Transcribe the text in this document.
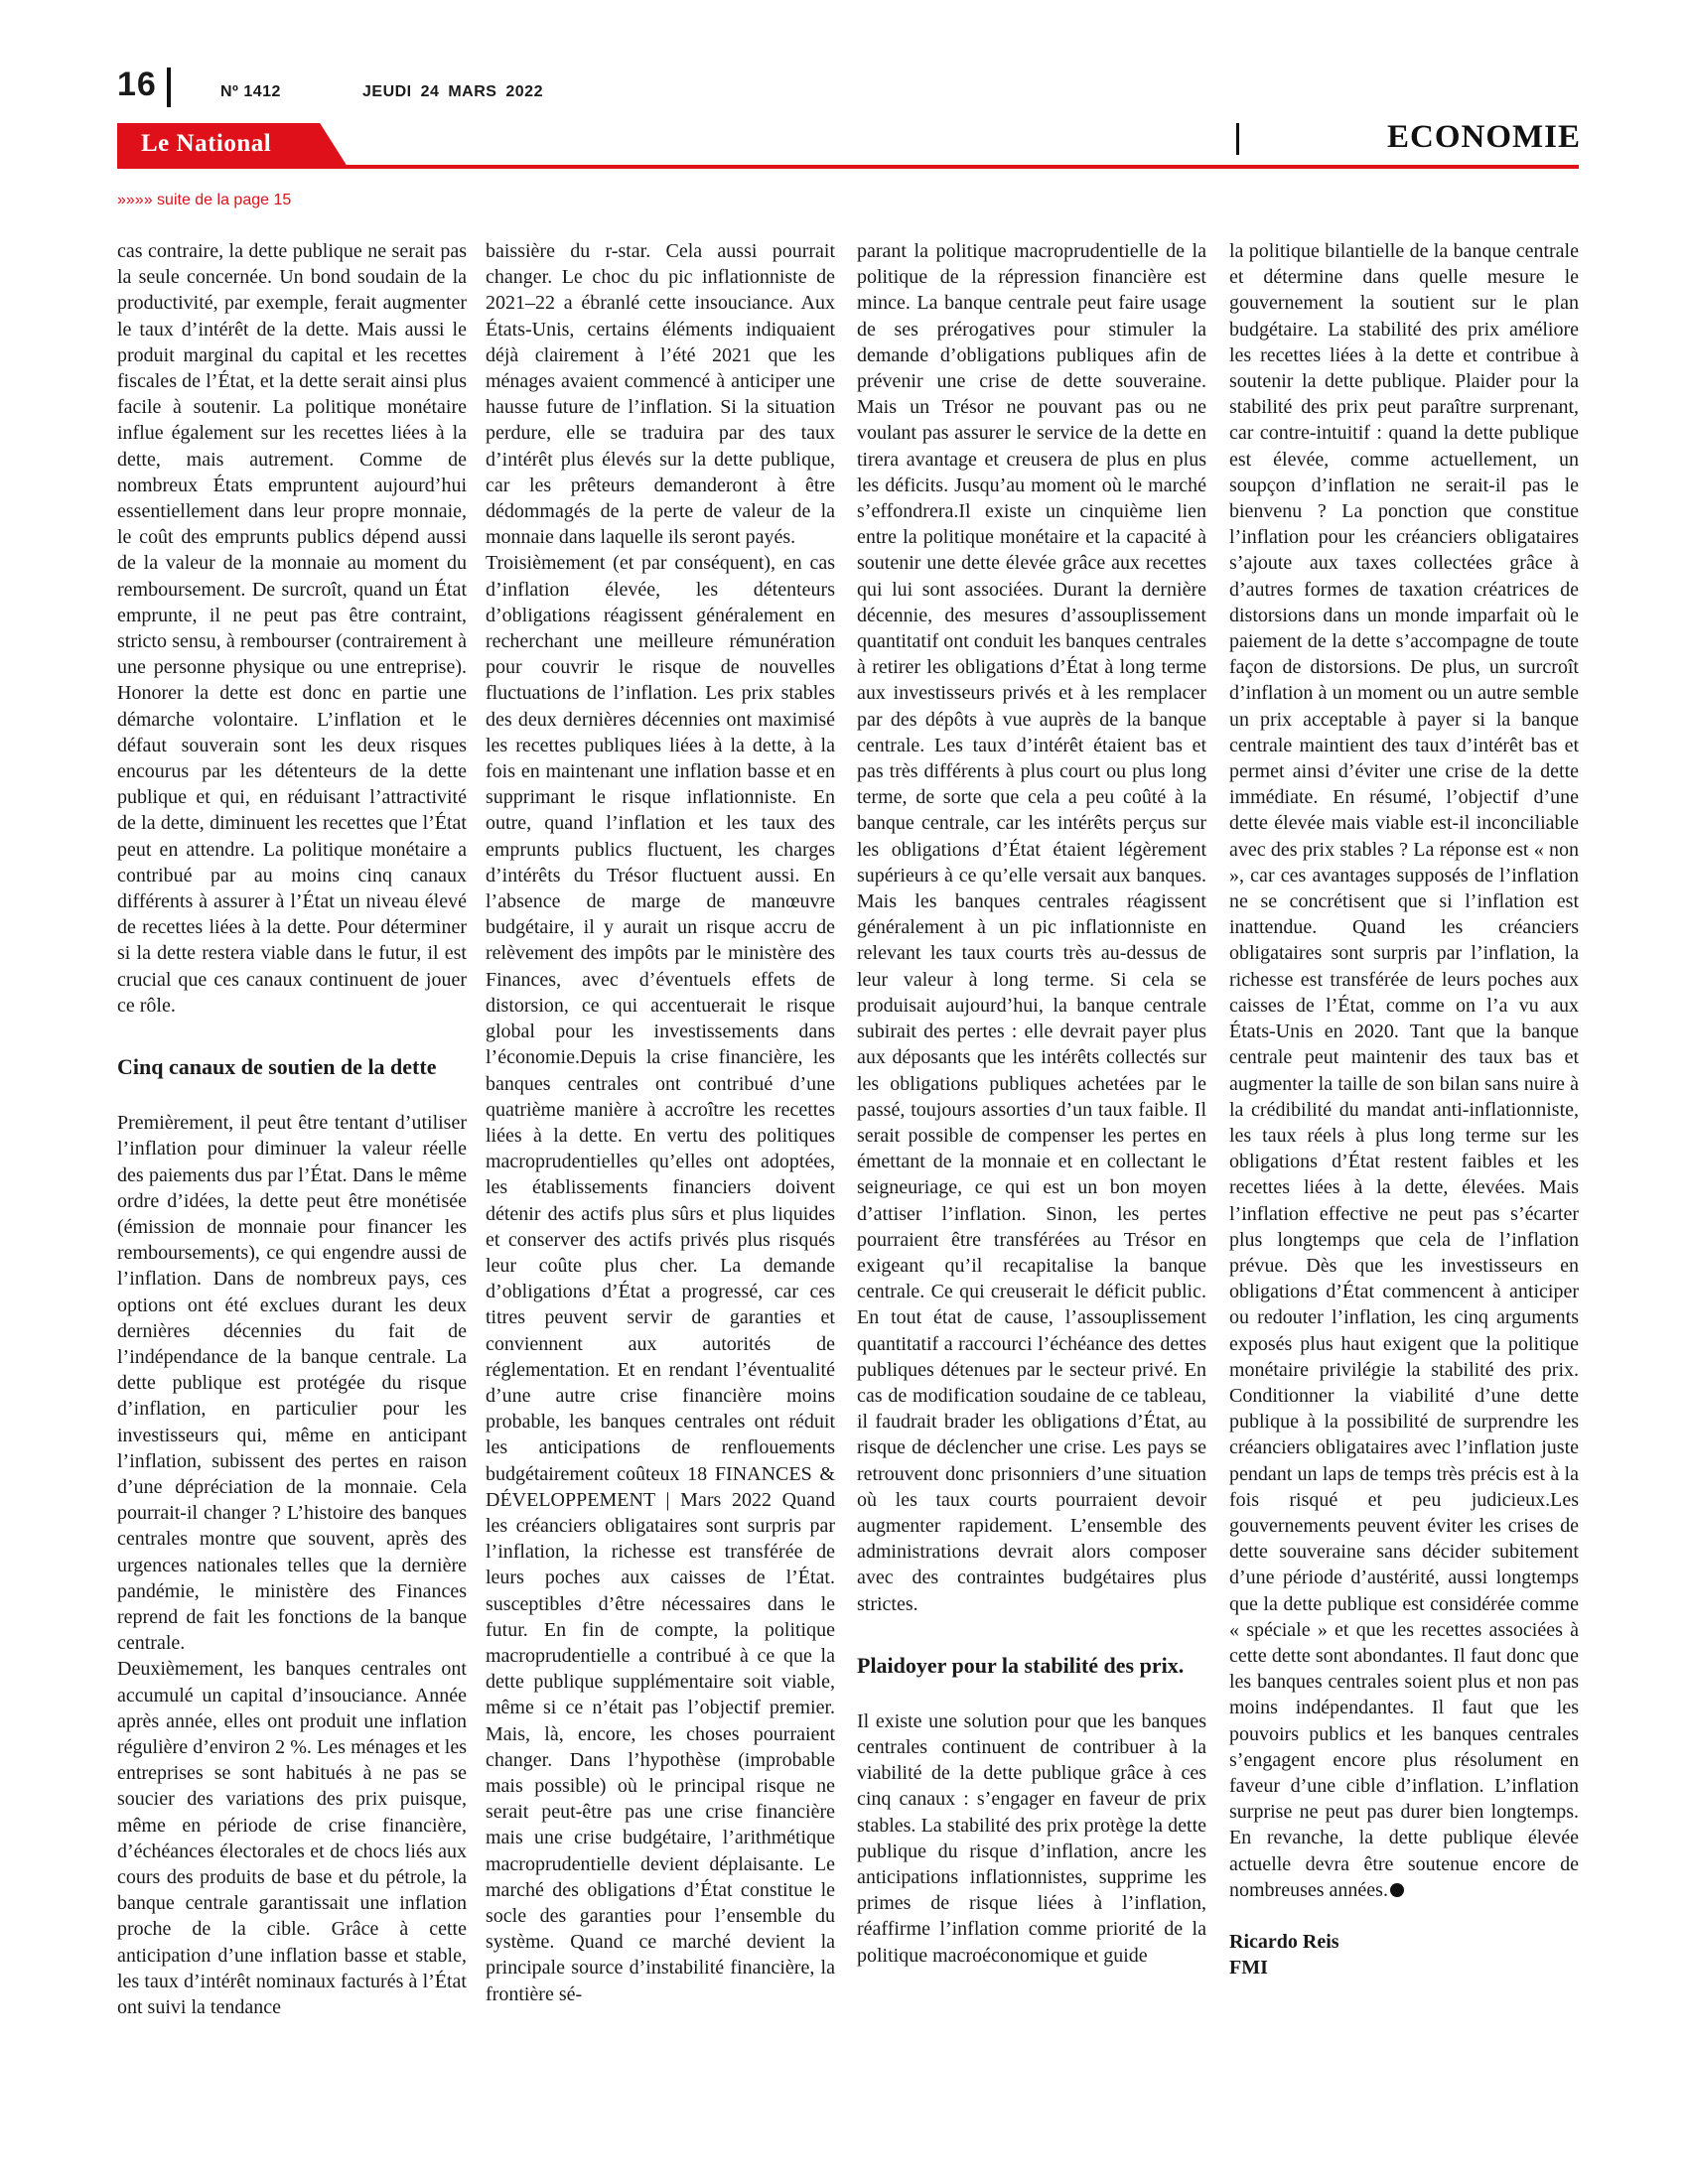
16	Nº 1412	JEUDI 24 MARS 2022
Le National	ECONOMIE
»»»» suite de la page 15

cas contraire, la dette publique ne serait pas la seule concernée. Un bond soudain de la productivité, par exemple, ferait augmenter le taux d’intérêt de la dette. Mais aussi le produit marginal du capital et les recettes fiscales de l’État, et la dette serait ainsi plus facile à soutenir. La politique monétaire influe également sur les recettes liées à la dette, mais autrement. Comme de nombreux États empruntent aujourd’hui essentiellement dans leur propre monnaie, le coût des emprunts publics dépend aussi de la valeur de la monnaie au moment du remboursement. De surcroît, quand un État emprunte, il ne peut pas être contraint, stricto sensu, à rembourser (contrairement à une personne physique ou une entreprise). Honorer la dette est donc en partie une démarche volontaire. L’inflation et le défaut souverain sont les deux risques encourus par les détenteurs de la dette publique et qui, en réduisant l’attractivité de la dette, diminuent les recettes que l’État peut en attendre. La politique monétaire a contribué par au moins cinq canaux différents à assurer à l’État un niveau élevé de recettes liées à la dette. Pour déterminer si la dette restera viable dans le futur, il est crucial que ces canaux continuent de jouer ce rôle.

Cinq canaux de soutien de la dette

Premièrement, il peut être tentant d’utiliser l’inflation pour diminuer la valeur réelle des paiements dus par l’État. Dans le même ordre d’idées, la dette peut être monétisée (émission de monnaie pour financer les remboursements), ce qui engendre aussi de l’inflation. Dans de nombreux pays, ces options ont été exclues durant les deux dernières décennies du fait de l’indépendance de la banque centrale. La dette publique est protégée du risque d’inflation, en particulier pour les investisseurs qui, même en anticipant l’inflation, subissent des pertes en raison d’une dépréciation de la monnaie. Cela pourrait-il changer ? L’histoire des banques centrales montre que souvent, après des urgences nationales telles que la dernière pandémie, le ministère des Finances reprend de fait les fonctions de la banque centrale.

Deuxièmement, les banques centrales ont accumulé un capital d’insouciance. Année après année, elles ont produit une inflation régulière d’environ 2 %. Les ménages et les entreprises se sont habitués à ne pas se soucier des variations des prix puisque, même en période de crise financière, d’échéances électorales et de chocs liés aux cours des produits de base et du pétrole, la banque centrale garantissait une inflation proche de la cible. Grâce à cette anticipation d’une inflation basse et stable, les taux d’intérêt nominaux facturés à l’État ont suivi la tendance

baissière du r-star. Cela aussi pourrait changer. Le choc du pic inflationniste de 2021–22 a ébranlé cette insouciance. Aux États-Unis, certains éléments indiquaient déjà clairement à l’été 2021 que les ménages avaient commencé à anticiper une hausse future de l’inflation. Si la situation perdure, elle se traduira par des taux d’intérêt plus élevés sur la dette publique, car les prêteurs demanderont à être dédommagés de la perte de valeur de la monnaie dans laquelle ils seront payés.

Troisièmement (et par conséquent), en cas d’inflation élevée, les détenteurs d’obligations réagissent généralement en recherchant une meilleure rémunération pour couvrir le risque de nouvelles fluctuations de l’inflation. Les prix stables des deux dernières décennies ont maximisé les recettes publiques liées à la dette, à la fois en maintenant une inflation basse et en supprimant le risque inflationniste. En outre, quand l’inflation et les taux des emprunts publics fluctuent, les charges d’intérêts du Trésor fluctuent aussi. En l’absence de marge de manœuvre budgétaire, il y aurait un risque accru de relèvement des impôts par le ministère des Finances, avec d’éventuels effets de distorsion, ce qui accentuerait le risque global pour les investissements dans l’économie.Depuis la crise financière, les banques centrales ont contribué d’une quatrième manière à accroître les recettes liées à la dette. En vertu des politiques macroprudentielles qu’elles ont adoptées, les établissements financiers doivent détenir des actifs plus sûrs et plus liquides et conserver des actifs privés plus risqués leur coûte plus cher. La demande d’obligations d’État a progressé, car ces titres peuvent servir de garanties et conviennent aux autorités de réglementation. Et en rendant l’éventualité d’une autre crise financière moins probable, les banques centrales ont réduit les anticipations de renflouements budgétairement coûteux 18 FINANCES & DÉVELOPPEMENT | Mars 2022 Quand les créanciers obligataires sont surpris par l’inflation, la richesse est transférée de leurs poches aux caisses de l’État. susceptibles d’être nécessaires dans le futur. En fin de compte, la politique macroprudentielle a contribué à ce que la dette publique supplémentaire soit viable, même si ce n’était pas l’objectif premier. Mais, là, encore, les choses pourraient changer. Dans l’hypothèse (improbable mais possible) où le principal risque ne serait peut-être pas une crise financière mais une crise budgétaire, l’arithmétique macroprudentielle devient déplaisante. Le marché des obligations d’État constitue le socle des garanties pour l’ensemble du système. Quand ce marché devient la principale source d’instabilité financière, la frontière sé-

parant la politique macroprudentielle de la politique de la répression financière est mince. La banque centrale peut faire usage de ses prérogatives pour stimuler la demande d’obligations publiques afin de prévenir une crise de dette souveraine. Mais un Trésor ne pouvant pas ou ne voulant pas assurer le service de la dette en tirera avantage et creusera de plus en plus les déficits. Jusqu’au moment où le marché s’effondrera.Il existe un cinquième lien entre la politique monétaire et la capacité à soutenir une dette élevée grâce aux recettes qui lui sont associées. Durant la dernière décennie, des mesures d’assouplissement quantitatif ont conduit les banques centrales à retirer les obligations d’État à long terme aux investisseurs privés et à les remplacer par des dépôts à vue auprès de la banque centrale. Les taux d’intérêt étaient bas et pas très différents à plus court ou plus long terme, de sorte que cela a peu coûté à la banque centrale, car les intérêts perçus sur les obligations d’État étaient légèrement supérieurs à ce qu’elle versait aux banques. Mais les banques centrales réagissent généralement à un pic inflationniste en relevant les taux courts très au-dessus de leur valeur à long terme. Si cela se produisait aujourd’hui, la banque centrale subirait des pertes : elle devrait payer plus aux déposants que les intérêts collectés sur les obligations publiques achetées par le passé, toujours assorties d’un taux faible. Il serait possible de compenser les pertes en émettant de la monnaie et en collectant le seigneuriage, ce qui est un bon moyen d’attiser l’inflation. Sinon, les pertes pourraient être transférées au Trésor en exigeant qu’il recapitalise la banque centrale. Ce qui creuserait le déficit public. En tout état de cause, l’assouplissement quantitatif a raccourci l’échéance des dettes publiques détenues par le secteur privé. En cas de modification soudaine de ce tableau, il faudrait brader les obligations d’État, au risque de déclencher une crise. Les pays se retrouvent donc prisonniers d’une situation où les taux courts pourraient devoir augmenter rapidement. L’ensemble des administrations devrait alors composer avec des contraintes budgétaires plus strictes.

Plaidoyer pour la stabilité des prix.

Il existe une solution pour que les banques centrales continuent de contribuer à la viabilité de la dette publique grâce à ces cinq canaux : s’engager en faveur de prix stables. La stabilité des prix protège la dette publique du risque d’inflation, ancre les anticipations inflationnistes, supprime les primes de risque liées à l’inflation, réaffirme l’inflation comme priorité de la politique macroéconomique et guide

la politique bilantielle de la banque centrale et détermine dans quelle mesure le gouvernement la soutient sur le plan budgétaire. La stabilité des prix améliore les recettes liées à la dette et contribue à soutenir la dette publique. Plaider pour la stabilité des prix peut paraître surprenant, car contre-intuitif : quand la dette publique est élevée, comme actuellement, un soupçon d’inflation ne serait-il pas le bienvenu ? La ponction que constitue l’inflation pour les créanciers obligataires s’ajoute aux taxes collectées grâce à d’autres formes de taxation créatrices de distorsions dans un monde imparfait où le paiement de la dette s’accompagne de toute façon de distorsions. De plus, un surcroît d’inflation à un moment ou un autre semble un prix acceptable à payer si la banque centrale maintient des taux d’intérêt bas et permet ainsi d’éviter une crise de la dette immédiate. En résumé, l’objectif d’une dette élevée mais viable est-il inconciliable avec des prix stables ? La réponse est « non », car ces avantages supposés de l’inflation ne se concrétisent que si l’inflation est inattendue. Quand les créanciers obligataires sont surpris par l’inflation, la richesse est transférée de leurs poches aux caisses de l’État, comme on l’a vu aux États-Unis en 2020. Tant que la banque centrale peut maintenir des taux bas et augmenter la taille de son bilan sans nuire à la crédibilité du mandat anti-inflationniste, les taux réels à plus long terme sur les obligations d’État restent faibles et les recettes liées à la dette, élevées. Mais l’inflation effective ne peut pas s’écarter plus longtemps que cela de l’inflation prévue. Dès que les investisseurs en obligations d’État commencent à anticiper ou redouter l’inflation, les cinq arguments exposés plus haut exigent que la politique monétaire privilégie la stabilité des prix. Conditionner la viabilité d’une dette publique à la possibilité de surprendre les créanciers obligataires avec l’inflation juste pendant un laps de temps très précis est à la fois risqué et peu judicieux.Les gouvernements peuvent éviter les crises de dette souveraine sans décider subitement d’une période d’austérité, aussi longtemps que la dette publique est considérée comme « spéciale » et que les recettes associées à cette dette sont abondantes. Il faut donc que les banques centrales soient plus et non pas moins indépendantes. Il faut que les pouvoirs publics et les banques centrales s’engagent encore plus résolument en faveur d’une cible d’inflation. L’inflation surprise ne peut pas durer bien longtemps. En revanche, la dette publique élevée actuelle devra être soutenue encore de nombreuses années.

Ricardo Reis
FMI
